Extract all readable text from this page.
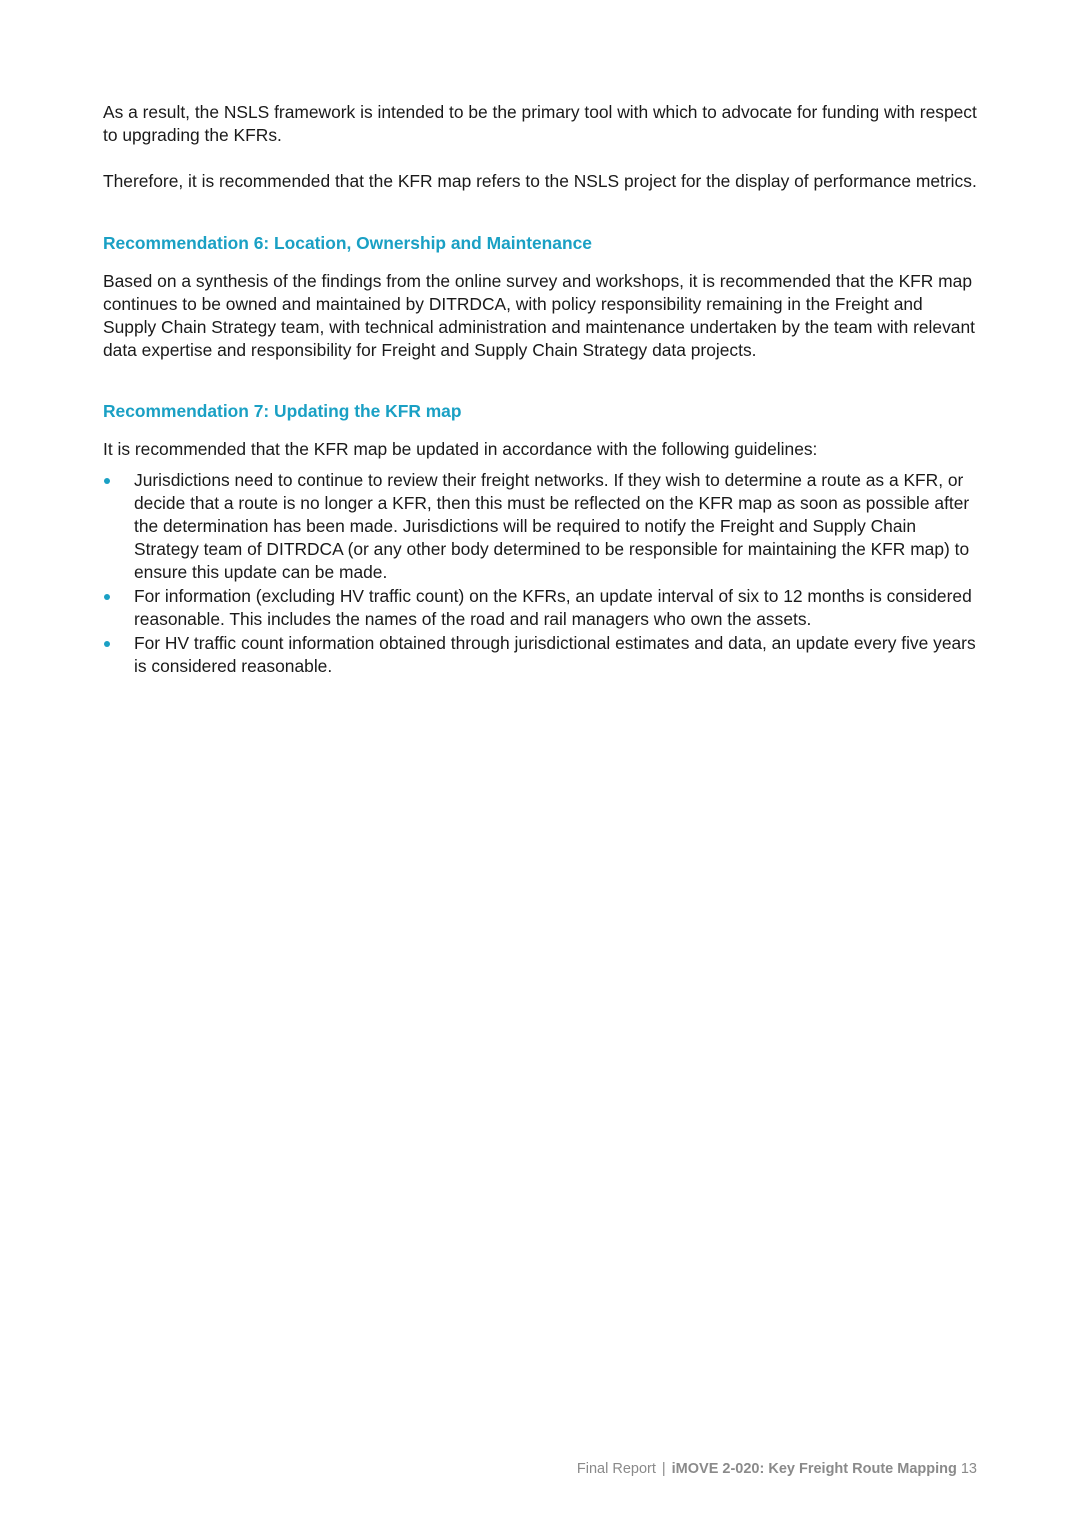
As a result, the NSLS framework is intended to be the primary tool with which to advocate for funding with respect to upgrading the KFRs.

Therefore, it is recommended that the KFR map refers to the NSLS project for the display of performance metrics.

Recommendation 6: Location, Ownership and Maintenance

Based on a synthesis of the findings from the online survey and workshops, it is recommended that the KFR map continues to be owned and maintained by DITRDCA, with policy responsibility remaining in the Freight and Supply Chain Strategy team, with technical administration and maintenance undertaken by the team with relevant data expertise and responsibility for Freight and Supply Chain Strategy data projects.

Recommendation 7: Updating the KFR map

It is recommended that the KFR map be updated in accordance with the following guidelines:

Jurisdictions need to continue to review their freight networks. If they wish to determine a route as a KFR, or decide that a route is no longer a KFR, then this must be reflected on the KFR map as soon as possible after the determination has been made. Jurisdictions will be required to notify the Freight and Supply Chain Strategy team of DITRDCA (or any other body determined to be responsible for maintaining the KFR map) to ensure this update can be made.
For information (excluding HV traffic count) on the KFRs, an update interval of six to 12 months is considered reasonable. This includes the names of the road and rail managers who own the assets.
For HV traffic count information obtained through jurisdictional estimates and data, an update every five years is considered reasonable.
Final Report | iMOVE 2-020: Key Freight Route Mapping 13
